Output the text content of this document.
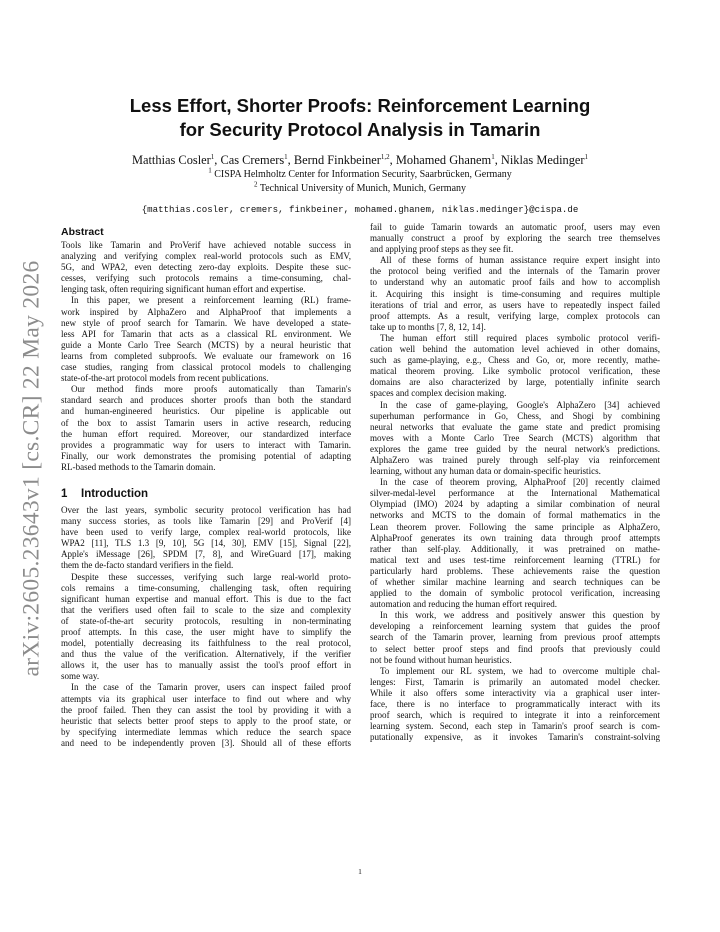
arXiv:2605.23643v1 [cs.CR] 22 May 2026
Less Effort, Shorter Proofs: Reinforcement Learning
for Security Protocol Analysis in Tamarin
Matthias Cosler$^1$, Cas Cremers$^1$, Bernd Finkbeiner$^{1,2}$, Mohamed Ghanem$^1$, Niklas Medinger$^1$
$^1$ CISPA Helmholtz Center for Information Security, Saarbrücken, Germany
$^2$ Technical University of Munich, Munich, Germany
{matthias.cosler, cremers, finkbeiner, mohamed.ghanem, niklas.medinger}@cispa.de
Abstract
Tools like Tamarin and ProVerif have achieved notable success in
analyzing and verifying complex real-world protocols such as EMV,
5G, and WPA2, even detecting zero-day exploits. Despite these suc-
cesses, verifying such protocols remains a time-consuming, chal-
lenging task, often requiring significant human effort and expertise.
In this paper, we present a reinforcement learning (RL) frame-
work inspired by AlphaZero and AlphaProof that implements a
new style of proof search for Tamarin. We have developed a state-
less API for Tamarin that acts as a classical RL environment. We
guide a Monte Carlo Tree Search (MCTS) by a neural heuristic that
learns from completed subproofs. We evaluate our framework on 16
case studies, ranging from classical protocol models to challenging
state-of-the-art protocol models from recent publications.
Our method finds more proofs automatically than Tamarin's
standard search and produces shorter proofs than both the standard
and human-engineered heuristics. Our pipeline is applicable out
of the box to assist Tamarin users in active research, reducing
the human effort required. Moreover, our standardized interface
provides a programmatic way for users to interact with Tamarin.
Finally, our work demonstrates the promising potential of adapting
RL-based methods to the Tamarin domain.
1 Introduction
Over the last years, symbolic security protocol verification has had
many success stories, as tools like Tamarin [29] and ProVerif [4]
have been used to verify large, complex real-world protocols, like
WPA2 [11], TLS 1.3 [9, 10], 5G [14, 30], EMV [15], Signal [22],
Apple's iMessage [26], SPDM [7, 8], and WireGuard [17], making
them the de-facto standard verifiers in the field.
Despite these successes, verifying such large real-world proto-
cols remains a time-consuming, challenging task, often requiring
significant human expertise and manual effort. This is due to the fact
that the verifiers used often fail to scale to the size and complexity
of state-of-the-art security protocols, resulting in non-terminating
proof attempts. In this case, the user might have to simplify the
model, potentially decreasing its faithfulness to the real protocol,
and thus the value of the verification. Alternatively, if the verifier
allows it, the user has to manually assist the tool's proof effort in
some way.
In the case of the Tamarin prover, users can inspect failed proof
attempts via its graphical user interface to find out where and why
the proof failed. Then they can assist the tool by providing it with a
heuristic that selects better proof steps to apply to the proof state, or
by specifying intermediate lemmas which reduce the search space
and need to be independently proven [3]. Should all of these efforts
fail to guide Tamarin towards an automatic proof, users may even
manually construct a proof by exploring the search tree themselves
and applying proof steps as they see fit.
All of these forms of human assistance require expert insight into
the protocol being verified and the internals of the Tamarin prover
to understand why an automatic proof fails and how to accomplish
it. Acquiring this insight is time-consuming and requires multiple
iterations of trial and error, as users have to repeatedly inspect failed
proof attempts. As a result, verifying large, complex protocols can
take up to months [7, 8, 12, 14].
The human effort still required places symbolic protocol verifi-
cation well behind the automation level achieved in other domains,
such as game-playing, e.g., Chess and Go, or, more recently, mathe-
matical theorem proving. Like symbolic protocol verification, these
domains are also characterized by large, potentially infinite search
spaces and complex decision making.
In the case of game-playing, Google's AlphaZero [34] achieved
superhuman performance in Go, Chess, and Shogi by combining
neural networks that evaluate the game state and predict promising
moves with a Monte Carlo Tree Search (MCTS) algorithm that
explores the game tree guided by the neural network's predictions.
AlphaZero was trained purely through self-play via reinforcement
learning, without any human data or domain-specific heuristics.
In the case of theorem proving, AlphaProof [20] recently claimed
silver-medal-level performance at the International Mathematical
Olympiad (IMO) 2024 by adapting a similar combination of neural
networks and MCTS to the domain of formal mathematics in the
Lean theorem prover. Following the same principle as AlphaZero,
AlphaProof generates its own training data through proof attempts
rather than self-play. Additionally, it was pretrained on mathe-
matical text and uses test-time reinforcement learning (TTRL) for
particularly hard problems. These achievements raise the question
of whether similar machine learning and search techniques can be
applied to the domain of symbolic protocol verification, increasing
automation and reducing the human effort required.
In this work, we address and positively answer this question by
developing a reinforcement learning system that guides the proof
search of the Tamarin prover, learning from previous proof attempts
to select better proof steps and find proofs that previously could
not be found without human heuristics.
To implement our RL system, we had to overcome multiple chal-
lenges: First, Tamarin is primarily an automated model checker.
While it also offers some interactivity via a graphical user inter-
face, there is no interface to programmatically interact with its
proof search, which is required to integrate it into a reinforcement
learning system. Second, each step in Tamarin's proof search is com-
putationally expensive, as it invokes Tamarin's constraint-solving
1
